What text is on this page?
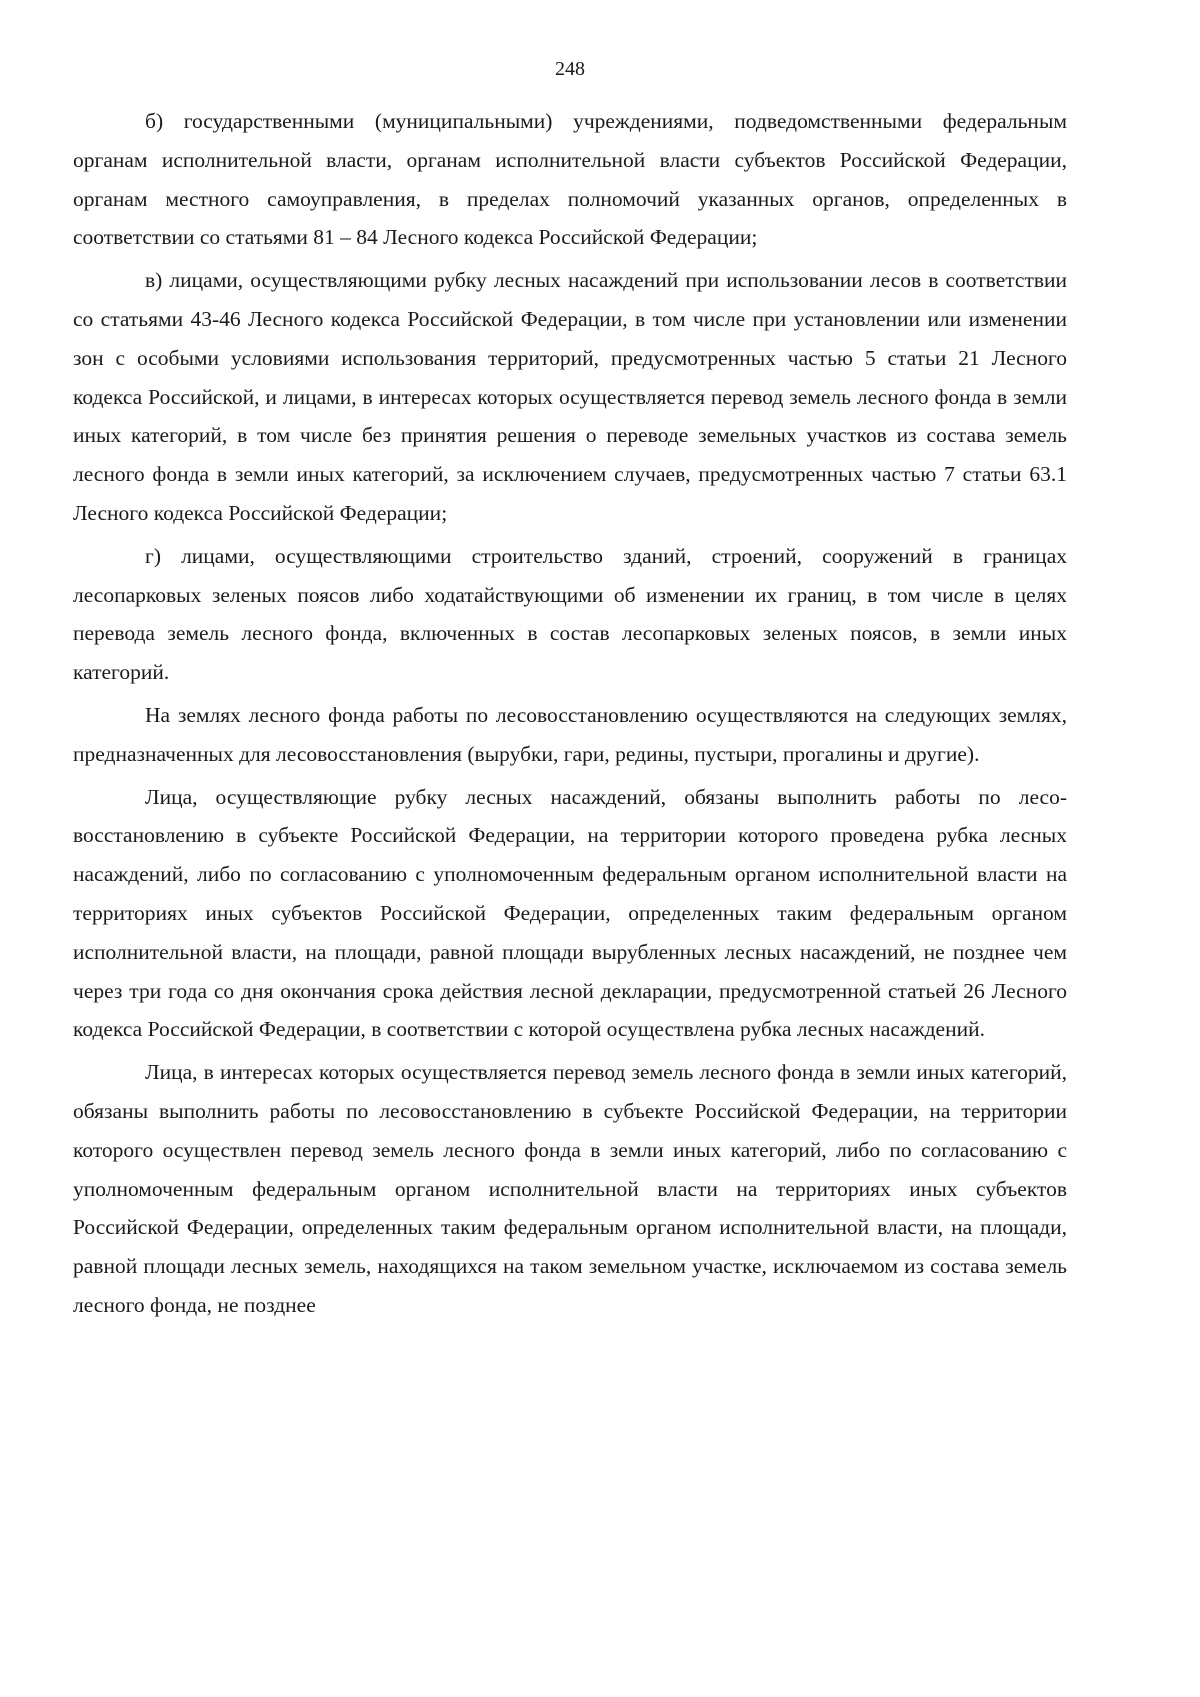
248

б) государственными (муниципальными) учреждениями, подведомственными федеральным органам исполнительной власти, органам исполнительной власти субъектов Российской Федерации, органам местного самоуправления, в пределах полномочий указанных органов, определенных в соответствии со статьями 81 – 84 Лесного кодекса Российской Федерации;

в) лицами, осуществляющими рубку лесных насаждений при использовании лесов в соответствии со статьями 43-46 Лесного кодекса Российской Федерации, в том числе при установлении или изменении зон с особыми условиями использования территорий, предусмотренных частью 5 статьи 21 Лесного кодекса Российской, и лицами, в интересах которых осуществляется перевод земель лесного фонда в земли иных категорий, в том числе без принятия решения о переводе земельных участков из состава земель лесного фонда в земли иных категорий, за исключением случаев, предусмотренных частью 7 статьи 63.1 Лесного кодекса Российской Федерации;

г) лицами, осуществляющими строительство зданий, строений, сооружений в границах лесопарковых зеленых поясов либо ходатайствующими об изменении их границ, в том числе в целях перевода земель лесного фонда, включенных в состав лесопарковых зеленых поясов, в земли иных категорий.

На землях лесного фонда работы по лесовосстановлению осуществляются на следующих землях, предназначенных для лесовосстановления (вырубки, гари, редины, пустыри, прогалины и другие).

Лица, осуществляющие рубку лесных насаждений, обязаны выполнить работы по лесовосстановлению в субъекте Российской Федерации, на территории которого проведена рубка лесных насаждений, либо по согласованию с уполномоченным федеральным органом исполнительной власти на территориях иных субъектов Российской Федерации, определенных таким федеральным органом исполнительной власти, на площади, равной площади вырубленных лесных насаждений, не позднее чем через три года со дня окончания срока действия лесной декларации, предусмотренной статьей 26 Лесного кодекса Российской Федерации, в соответствии с которой осуществлена рубка лесных насаждений.

Лица, в интересах которых осуществляется перевод земель лесного фонда в земли иных категорий, обязаны выполнить работы по лесовосстановлению в субъекте Российской Федерации, на территории которого осуществлен перевод земель лесного фонда в земли иных категорий, либо по согласованию с уполномоченным федеральным органом исполнительной власти на территориях иных субъектов Российской Федерации, определенных таким федеральным органом исполнительной власти, на площади, равной площади лесных земель, находящихся на таком земельном участке, исключаемом из состава земель лесного фонда, не позднее
